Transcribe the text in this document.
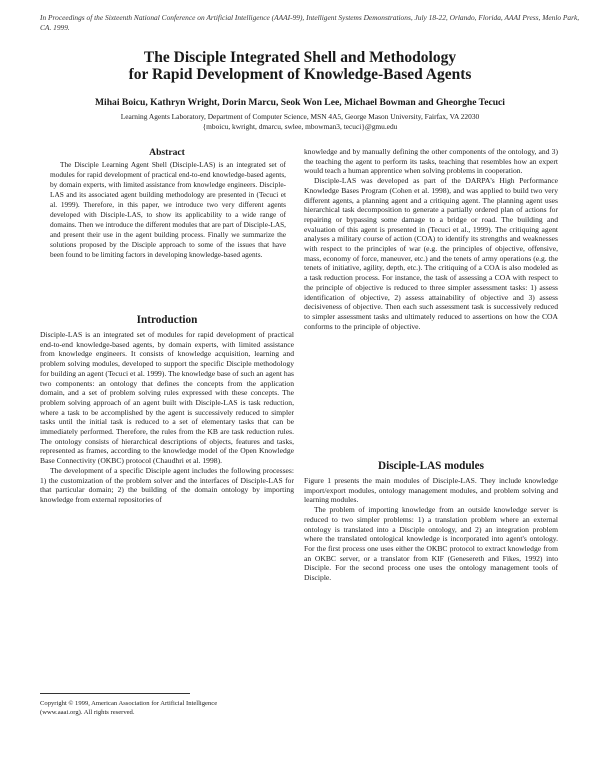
In Proceedings of the Sixteenth National Conference on Artificial Intelligence (AAAI-99), Intelligent Systems Demonstrations, July 18-22, Orlando, Florida, AAAI Press, Menlo Park, CA. 1999.
The Disciple Integrated Shell and Methodology
for Rapid Development of Knowledge-Based Agents
Mihai Boicu, Kathryn Wright, Dorin Marcu, Seok Won Lee, Michael Bowman and Gheorghe Tecuci
Learning Agents Laboratory, Department of Computer Science, MSN 4A5, George Mason University, Fairfax, VA 22030
{mboicu, kwright, dmarcu, swlee, mbowman3, tecuci}@gmu.edu
Abstract
The Disciple Learning Agent Shell (Disciple-LAS) is an integrated set of modules for rapid development of practical end-to-end knowledge-based agents, by domain experts, with limited assistance from knowledge engineers. Disciple-LAS and its associated agent building methodology are presented in (Tecuci et al. 1999). Therefore, in this paper, we introduce two very different agents developed with Disciple-LAS, to show its applicability to a wide range of domains. Then we introduce the different modules that are part of Disciple-LAS, and present their use in the agent building process. Finally we summarize the solutions proposed by the Disciple approach to some of the issues that have been found to be limiting factors in developing knowledge-based agents.
Introduction

Disciple-LAS is an integrated set of modules for rapid development of practical end-to-end knowledge-based agents, by domain experts, with limited assistance from knowledge engineers. It consists of knowledge acquisition, learning and problem solving modules, developed to support the specific Disciple methodology for building an agent (Tecuci et al. 1999). The knowledge base of such an agent has two components: an ontology that defines the concepts from the application domain, and a set of problem solving rules expressed with these concepts. The problem solving approach of an agent built with Disciple-LAS is task reduction, where a task to be accomplished by the agent is successively reduced to simpler tasks until the initial task is reduced to a set of elementary tasks that can be immediately performed. Therefore, the rules from the KB are task reduction rules. The ontology consists of hierarchical descriptions of objects, features and tasks, represented as frames, according to the knowledge model of the Open Knowledge Base Connectivity (OKBC) protocol (Chaudhri et al. 1998).

The development of a specific Disciple agent includes the following processes: 1) the customization of the problem solver and the interfaces of Disciple-LAS for that particular domain; 2) the building of the domain ontology by importing knowledge from external repositories of

Copyright © 1999, American Association for Artificial Intelligence
(www.aaai.org). All rights reserved.

knowledge and by manually defining the other components of the ontology, and 3) the teaching the agent to perform its tasks, teaching that resembles how an expert would teach a human apprentice when solving problems in cooperation.

Disciple-LAS was developed as part of the DARPA's High Performance Knowledge Bases Program (Cohen et al. 1998), and was applied to build two very different agents, a planning agent and a critiquing agent. The planning agent uses hierarchical task decomposition to generate a partially ordered plan of actions for repairing or bypassing some damage to a bridge or road. The building and evaluation of this agent is presented in (Tecuci et al., 1999). The critiquing agent analyses a military course of action (COA) to identify its strengths and weaknesses with respect to the principles of war (e.g. the principles of objective, offensive, mass, economy of force, maneuver, etc.) and the tenets of army operations (e.g. the tenets of initiative, agility, depth, etc.). The critiquing of a COA is also modeled as a task reduction process. For instance, the task of assessing a COA with respect to the principle of objective is reduced to three simpler assessment tasks: 1) assess identification of objective, 2) assess attainability of objective and 3) assess decisiveness of objective. Then each such assessment task is successively reduced to simpler assessment tasks and ultimately reduced to assertions on how the COA conforms to the principle of objective.

Disciple-LAS modules

Figure 1 presents the main modules of Disciple-LAS. They include knowledge import/export modules, ontology management modules, and problem solving and learning modules.

The problem of importing knowledge from an outside knowledge server is reduced to two simpler problems: 1) a translation problem where an external ontology is translated into a Disciple ontology, and 2) an integration problem where the translated ontological knowledge is incorporated into agent's ontology. For the first process one uses either the OKBC protocol to extract knowledge from an OKBC server, or a translator from KIF (Genesereth and Fikes, 1992) into Disciple. For the second process one uses the ontology management tools of Disciple.
